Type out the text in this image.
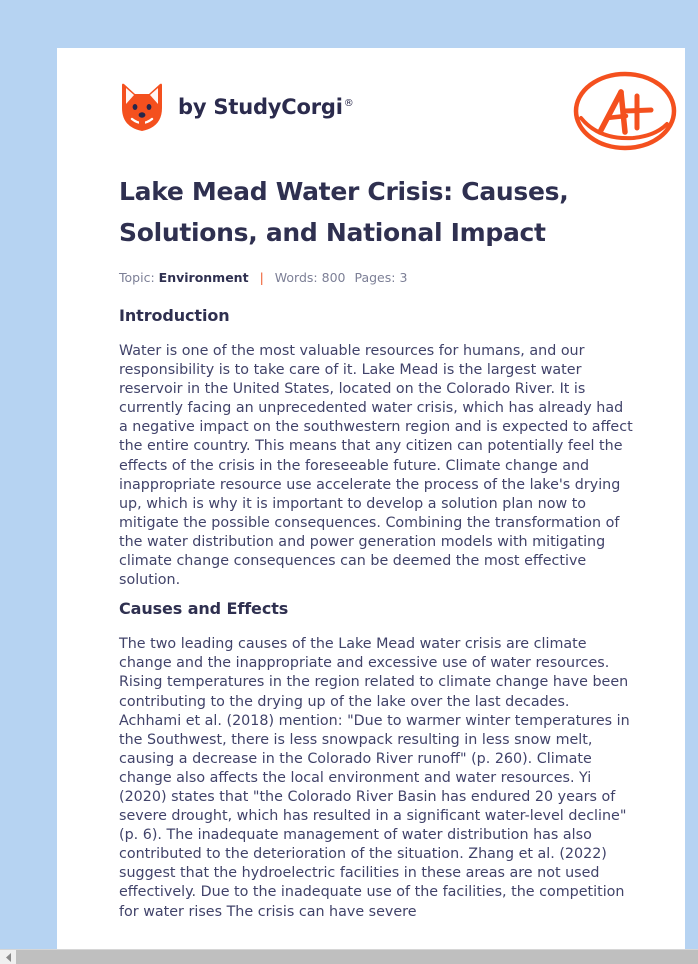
by StudyCorgi®
Lake Mead Water Crisis: Causes, Solutions, and National Impact
Topic: Environment | Words: 800 Pages: 3
Introduction

Water is one of the most valuable resources for humans, and our responsibility is to take care of it. Lake Mead is the largest water reservoir in the United States, located on the Colorado River. It is currently facing an unprecedented water crisis, which has already had a negative impact on the southwestern region and is expected to affect the entire country. This means that any citizen can potentially feel the effects of the crisis in the foreseeable future. Climate change and inappropriate resource use accelerate the process of the lake's drying up, which is why it is important to develop a solution plan now to mitigate the possible consequences. Combining the transformation of the water distribution and power generation models with mitigating climate change consequences can be deemed the most effective solution.

Causes and Effects

The two leading causes of the Lake Mead water crisis are climate change and the inappropriate and excessive use of water resources. Rising temperatures in the region related to climate change have been contributing to the drying up of the lake over the last decades. Achhami et al. (2018) mention: "Due to warmer winter temperatures in the Southwest, there is less snowpack resulting in less snow melt, causing a decrease in the Colorado River runoff" (p. 260). Climate change also affects the local environment and water resources. Yi (2020) states that "the Colorado River Basin has endured 20 years of severe drought, which has resulted in a significant water-level decline" (p. 6). The inadequate management of water distribution has also contributed to the deterioration of the situation. Zhang et al. (2022) suggest that the hydroelectric facilities in these areas are not used effectively. Due to the inadequate use of the facilities, the competition for water rises The crisis can have severe
